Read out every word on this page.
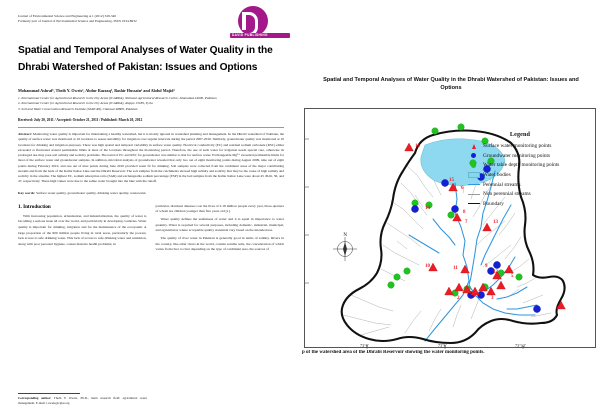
Journal of Environmental Science and Engineering A 1 (2012) 329-340
Formerly part of Journal of Environmental Science and Engineering, ISSN 1934-8932
DAVID PUBLISHING
Spatial and Temporal Analyses of Water Quality in the Dhrabi Watershed of Pakistan: Issues and Options
Mohammad Ashraf¹, Theib Y. Oweis², Abdur Razzaq³, Bashir Hussain¹ and Abdul Majid¹
1. International Center for Agricultural Research in the Dry Areas (ICARDA), National Agricultural Research Centre, Islamabad 44000, Pakistan
2. International Center for Agricultural Research in the Dry Areas (ICARDA), Aleppo 13189, Syria
3. Soil and Water Conservation Research Institute (SAWCRI), Chakwal 48800, Pakistan
Received: July 20, 2011 / Accepted: October 21, 2011 / Published: March 20, 2012
Abstract: Monitoring water quality is important for maintaining a healthy watershed, but it is mostly ignored in watershed planning and management. In the Dhrabi watershed of Pakistan, the quality of surface water was monitored at 16 locations to assess suitability for irrigation over regular intervals during the period 2007-2010. Similarly, groundwater quality was monitored at 10 locations for drinking and irrigation purposes. There was high spatial and temporal variability in surface water quality. Electrical conductivity (EC) and residual sodium carbonate (RSC) either exceeded or fluctuated around permissible limits at most of the locations throughout the monitoring period. Therefore, the use of such water for irrigation needs special care, otherwise its prolonged use may pose soil salinity and sodicity problems. The trend of EC and RSC for groundwater was similar to that for surface water. Exchangeable Mg²⁺ exceeded permissible limits for most of the surface water and groundwater samples. In addition, microbial analysis of groundwater revealed that only two out of eight monitoring points during August 2009, nine out of eight points during February 2010, and one out of nine points during June 2010 provided water fit for drinking. Soil samples were collected from the catchment areas of the major contributing streams and from the beds of the Kallar Kahar Lake and the Dhrabi Reservoir. The soil samples from the catchments showed high salinity and sodicity that may be the cause of high salinity and sodicity in the streams. The highest EC, sodium adsorption ratio (SAR) and exchangeable sodium percentage (ESP) in the bed samples from the Kallar Kahar Lake were about 45 dS/m, 56, and 47, respectively. These high values were due to the saline water brought into the lake with the runoff.
Key words: Surface water quality, groundwater quality, drinking water quality, wastewater.
1. Introduction

With increasing population, urbanization, and industrialization, the quality of water is becoming a serious issue all over the world, and particularly in developing countries. Water quality is important for drinking, irrigation and for the maintenance of the ecosystem. A large proportion of the 900 million people living in rural areas, particularly the poorest, lack access to safe drinking water. This lack of access to safe drinking water and sanitation, along with poor personal hygiene, causes massive health problems; in

particular, diarrheal diseases cost the lives of 2.18 million people every year, three-quarters of whom are children younger than five years old [1].

Water quality defines the usefulness of water and it is equal in importance to water quantity. Water is required for several purposes, including domestic, industrial, municipal, and agricultural, where acceptable quality standards vary based on the intended use.

The quality of river water in Pakistan is generally good in terms of salinity. Rivers in the country, like other rivers in the world, contain soluble salts, the concentration of which varies from river to river depending on the type of catchment area, the sources of

Corresponding author: Theib Y. Oweis, Ph.D., main research field: agricultural water management. E-mail: t.oweis@cgiar.org
Spatial and Temporal Analyses of Water Quality in the Dhrabi Watershed of Pakistan: Issues and Options
N
16
15
6
14
8
7	13
10	9
11
12
5
4	3
2
1
73°0'	73°6'	73°12'
Legend
Surface water monitoring points
Groundwater monitoring points
Water table depth monitoring points
Water bodies
Perennial streams
Non perennial streams
Boundary
p of the watershed area of the Dhrabi Reservoir showing the water monitoring points.
